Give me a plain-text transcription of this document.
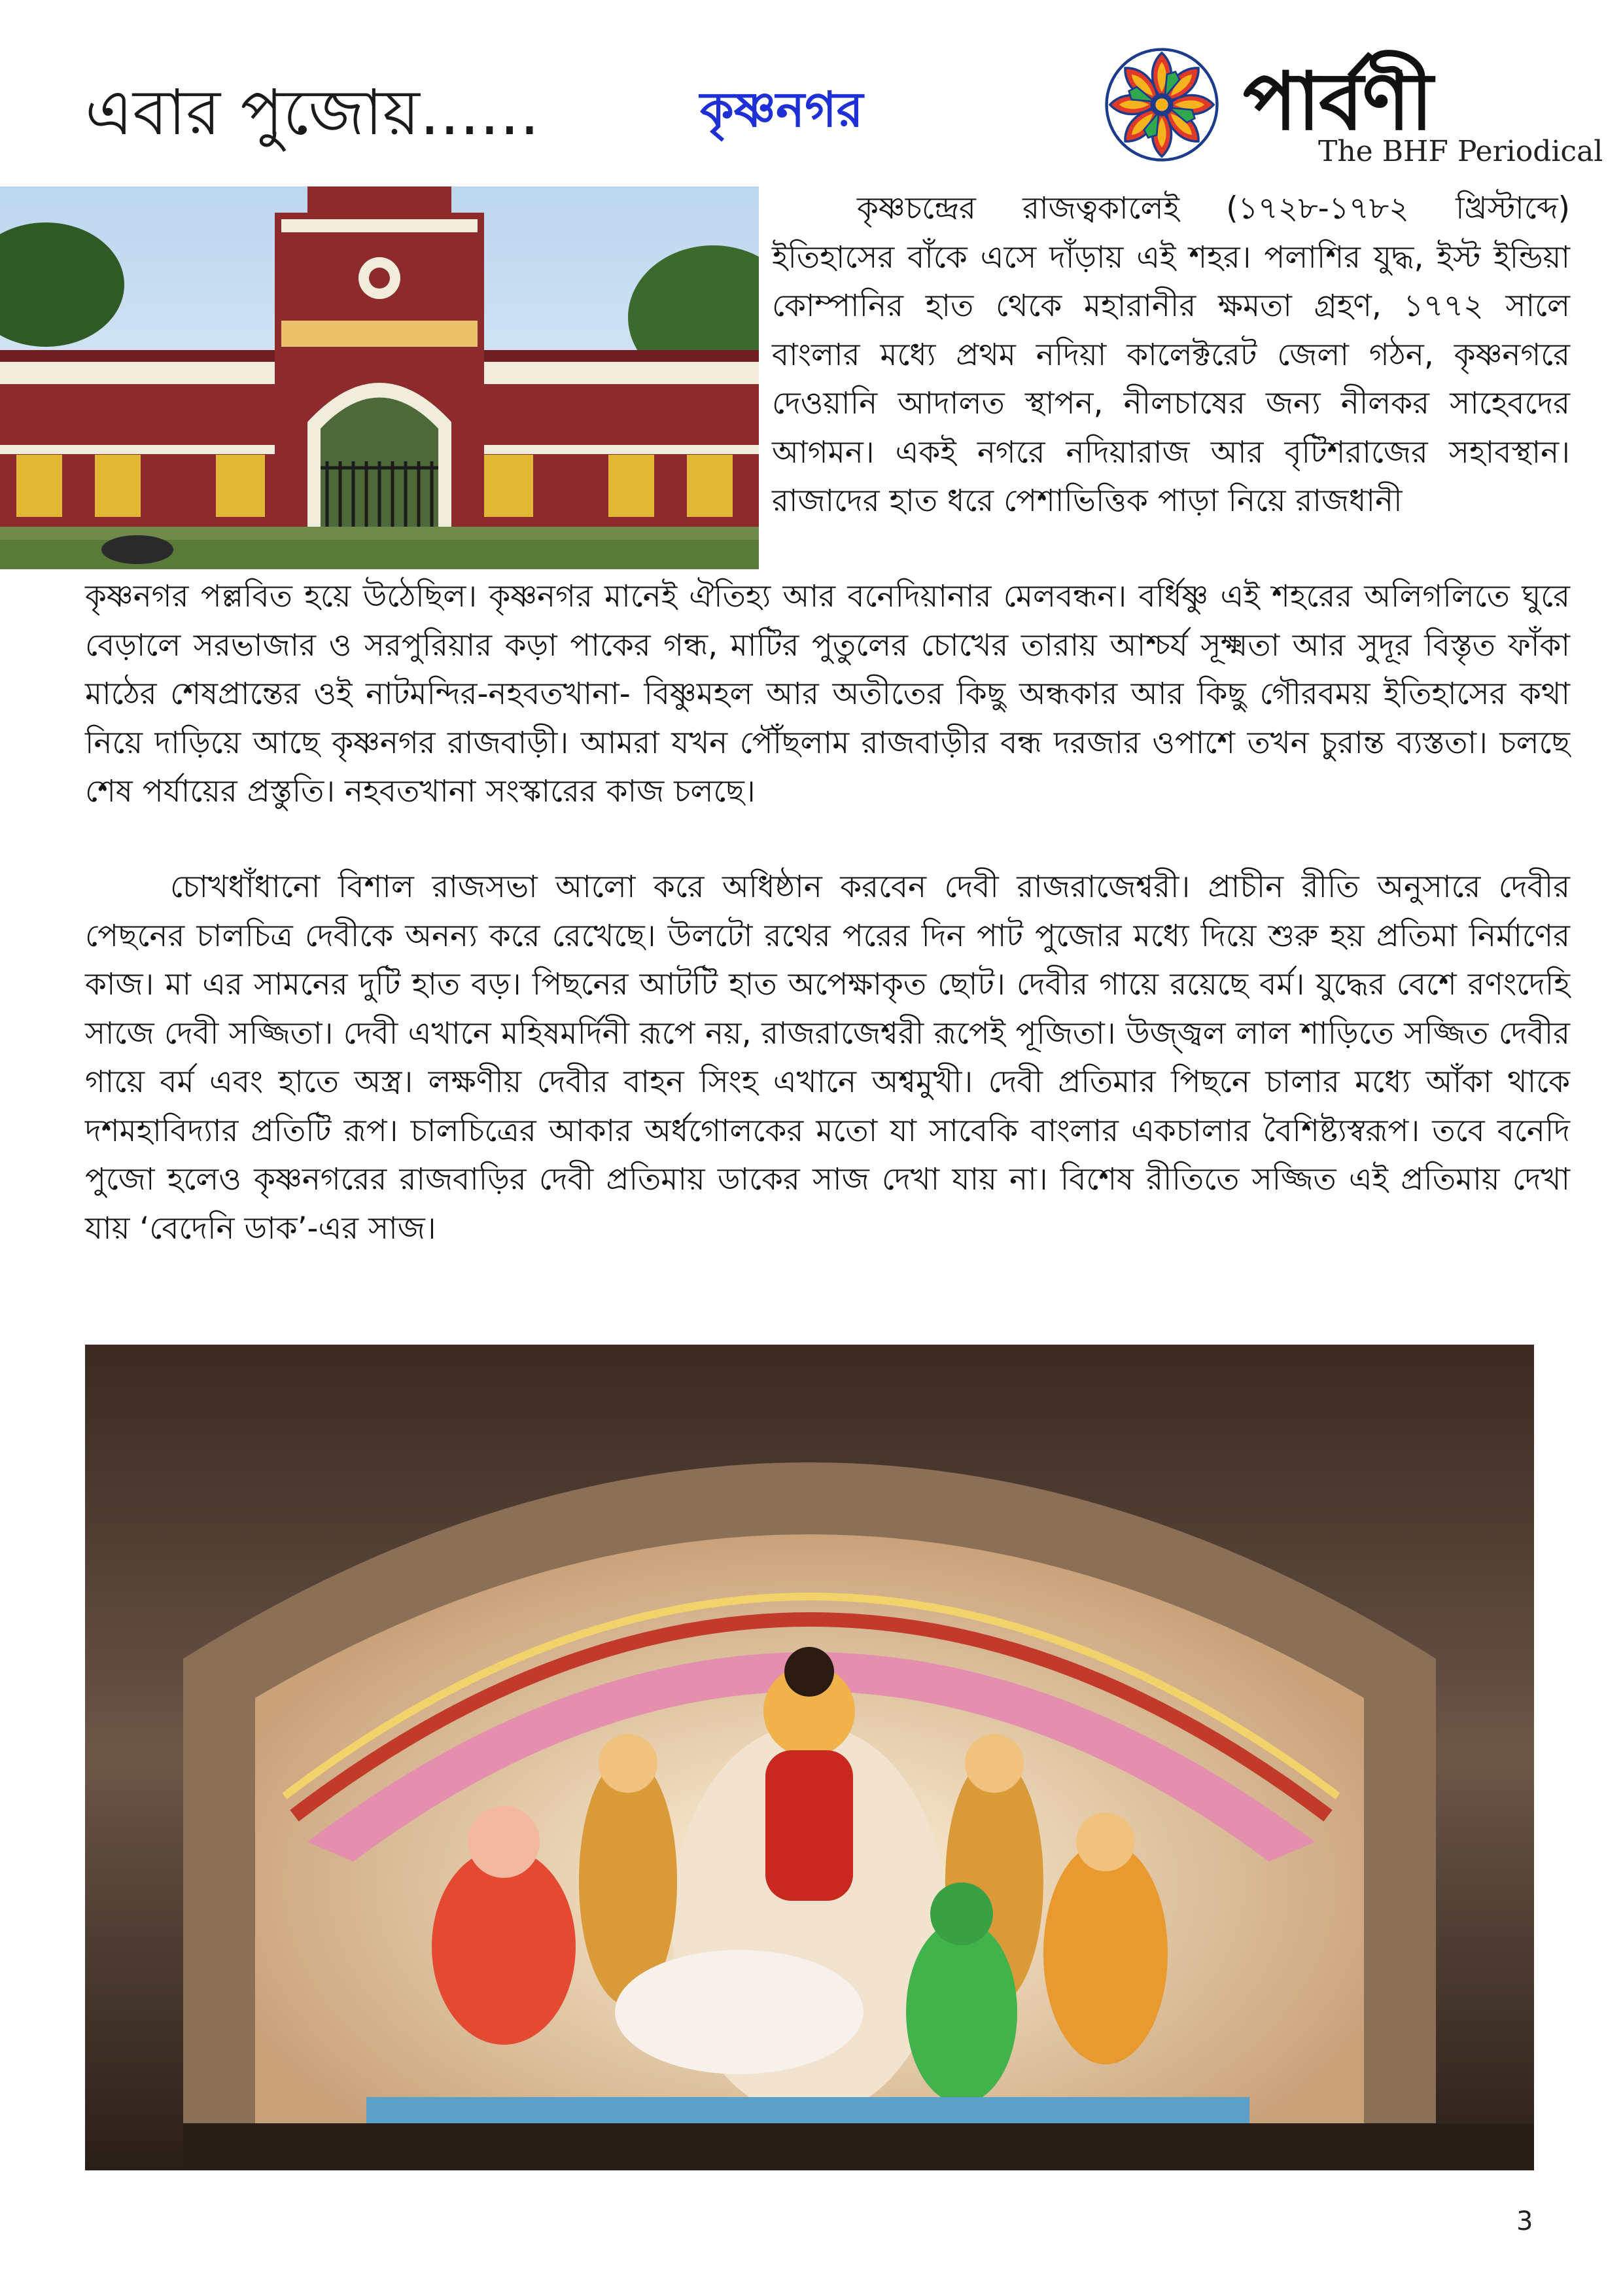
এবার পুজোয়......	কৃষ্ণনগর	পার্বণী
The BHF Periodical

কৃষ্ণচন্দ্রের রাজত্বকালেই (১৭২৮-১৭৮২ খ্রিস্টাব্দে) ইতিহাসের বাঁকে এসে দাঁড়ায় এই শহর। পলাশির যুদ্ধ, ইস্ট ইন্ডিয়া কোম্পানির হাত থেকে মহারানীর ক্ষমতা গ্রহণ, ১৭৭২ সালে বাংলার মধ্যে প্রথম নদিয়া কালেক্টরেট জেলা গঠন, কৃষ্ণনগরে দেওয়ানি আদালত স্থাপন, নীলচাষের জন্য নীলকর সাহেবদের আগমন। একই নগরে নদিয়ারাজ আর বৃটিশরাজের সহাবস্থান। রাজাদের হাত ধরে পেশাভিত্তিক পাড়া নিয়ে রাজধানী

কৃষ্ণনগর পল্লবিত হয়ে উঠেছিল। কৃষ্ণনগর মানেই ঐতিহ্য আর বনেদিয়ানার মেলবন্ধন। বর্ধিষ্ণু এই শহরের অলিগলিতে ঘুরে বেড়ালে সরভাজার ও সরপুরিয়ার কড়া পাকের গন্ধ, মাটির পুতুলের চোখের তারায় আশ্চর্য সূক্ষ্মতা আর সুদূর বিস্তৃত ফাঁকা মাঠের শেষপ্রান্তের ওই নাটমন্দির-নহবতখানা- বিষ্ণুমহল আর অতীতের কিছু অন্ধকার আর কিছু গৌরবময় ইতিহাসের কথা নিয়ে দাড়িয়ে আছে কৃষ্ণনগর রাজবাড়ী। আমরা যখন পৌঁছলাম রাজবাড়ীর বন্ধ দরজার ওপাশে তখন চুরান্ত ব্যস্ততা। চলছে শেষ পর্যায়ের প্রস্তুতি। নহবতখানা সংস্কারের কাজ চলছে।

চোখধাঁধানো বিশাল রাজসভা আলো করে অধিষ্ঠান করবেন দেবী রাজরাজেশ্বরী। প্রাচীন রীতি অনুসারে দেবীর পেছনের চালচিত্র দেবীকে অনন্য করে রেখেছে। উলটো রথের পরের দিন পাট পুজোর মধ্যে দিয়ে শুরু হয় প্রতিমা নির্মাণের কাজ। মা এর সামনের দুটি হাত বড়। পিছনের আটটি হাত অপেক্ষাকৃত ছোট। দেবীর গায়ে রয়েছে বর্ম। যুদ্ধের বেশে রণংদেহি সাজে দেবী সজ্জিতা। দেবী এখানে মহিষমর্দিনী রূপে নয়, রাজরাজেশ্বরী রূপেই পূজিতা। উজ্জ্বল লাল শাড়িতে সজ্জিত দেবীর গায়ে বর্ম এবং হাতে অস্ত্র। লক্ষণীয় দেবীর বাহন সিংহ এখানে অশ্বমুখী। দেবী প্রতিমার পিছনে চালার মধ্যে আঁকা থাকে দশমহাবিদ্যার প্রতিটি রূপ। চালচিত্রের আকার অর্ধগোলকের মতো যা সাবেকি বাংলার একচালার বৈশিষ্ট্যস্বরূপ। তবে বনেদি পুজো হলেও কৃষ্ণনগরের রাজবাড়ির দেবী প্রতিমায় ডাকের সাজ দেখা যায় না। বিশেষ রীতিতে সজ্জিত এই প্রতিমায় দেখা যায় ‘বেদেনি ডাক’-এর সাজ।

3
